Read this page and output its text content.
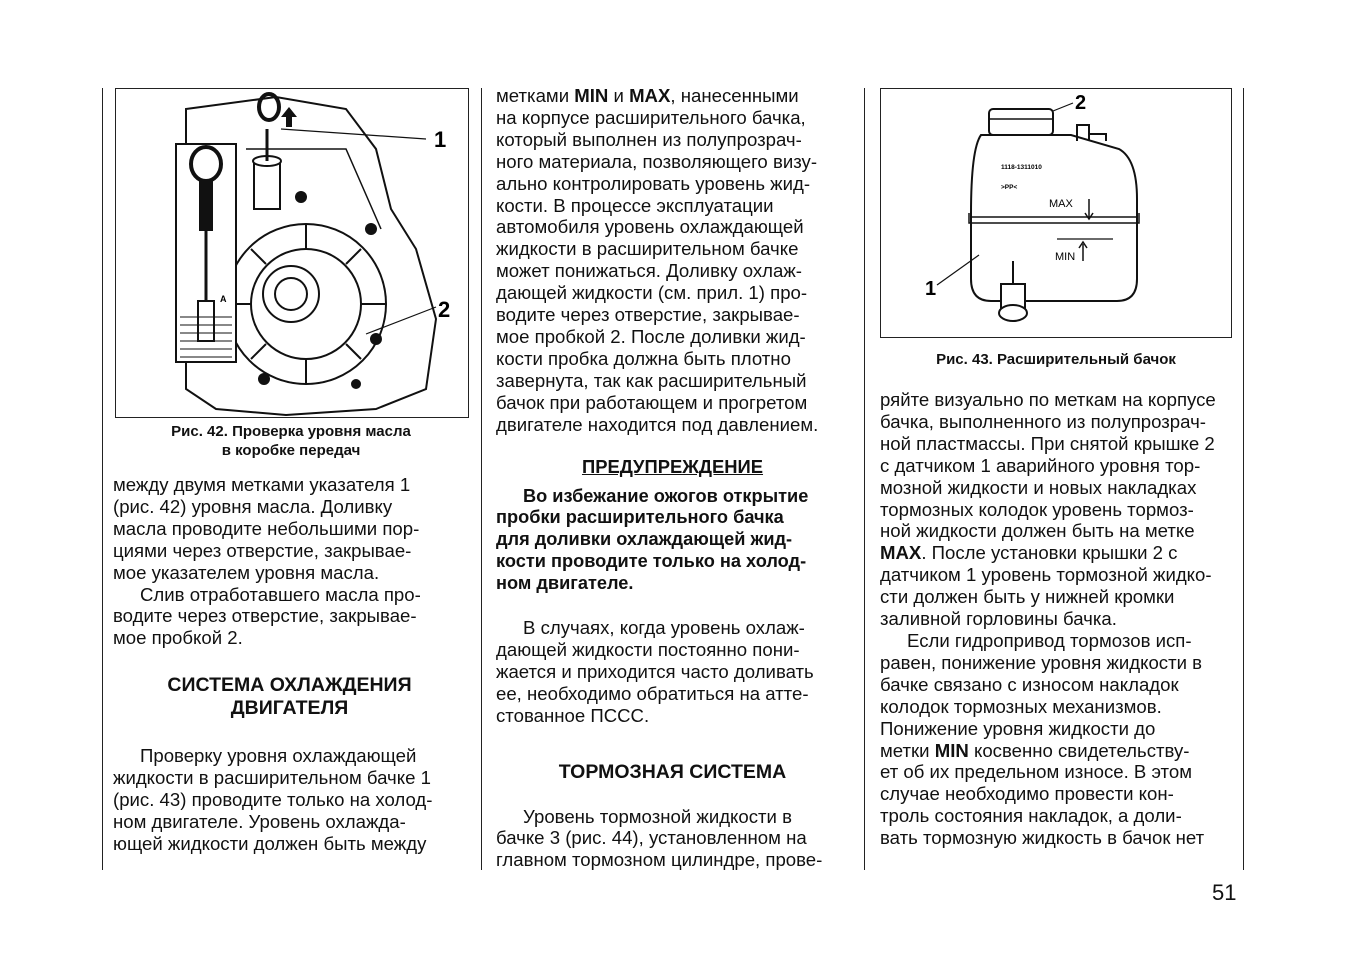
1
2
A
Рис. 42. Проверка уровня масла
в коробке передач

между двумя метками указателя 1

(рис. 42) уровня масла. Доливку

масла проводите небольшими пор-

циями через отверстие, закрывае-

мое указателем уровня масла.

Слив отработавшего масла про-

водите через отверстие, закрывае-

мое пробкой 2.

СИСТЕМА ОХЛАЖДЕНИЯ
ДВИГАТЕЛЯ

Проверку уровня охлаждающей

жидкости в расширительном бачке 1

(рис. 43) проводите только на холод-

ном двигателе. Уровень охлажда-

ющей жидкости должен быть между

метками MIN и MAX, нанесенными

на корпусе расширительного бачка,

который выполнен из полупрозрач-

ного материала, позволяющего визу-

ально контролировать уровень жид-

кости. В процессе эксплуатации

автомобиля уровень охлаждающей

жидкости в расширительном бачке

может понижаться. Доливку охлаж-

дающей жидкости (см. прил. 1) про-

водите через отверстие, закрывае-

мое пробкой 2. После доливки жид-

кости пробка должна быть плотно

завернута, так как расширительный

бачок при работающем и прогретом

двигателе находится под давлением.

ПРЕДУПРЕЖДЕНИЕ

Во избежание ожогов открытие

пробки расширительного бачка

для доливки охлаждающей жид-

кости проводите только на холод-

ном двигателе.

В случаях, когда уровень охлаж-

дающей жидкости постоянно пони-

жается и приходится часто доливать

ее, необходимо обратиться на атте-

стованное ПССС.

ТОРМОЗНАЯ СИСТЕМА

Уровень тормозной жидкости в

бачке 3 (рис. 44), установленном на

главном тормозном цилиндре, прове-

2
1
1118-1311010
>PP<
MAX
MIN
Рис. 43. Расширительный бачок

ряйте визуально по меткам на корпусе

бачка, выполненного из полупрозрач-

ной пластмассы. При снятой крышке 2

с датчиком 1 аварийного уровня тор-

мозной жидкости и новых накладках

тормозных колодок уровень тормоз-

ной жидкости должен быть на метке

MAX. После установки крышки 2 с

датчиком 1 уровень тормозной жидко-

сти должен быть у нижней кромки

заливной горловины бачка.

Если гидропривод тормозов исп-

равен, понижение уровня жидкости в

бачке связано с износом накладок

колодок тормозных механизмов.

Понижение уровня жидкости до

метки MIN косвенно свидетельству-

ет об их предельном износе. В этом

случае необходимо провести кон-

троль состояния накладок, а доли-

вать тормозную жидкость в бачок нет

51
